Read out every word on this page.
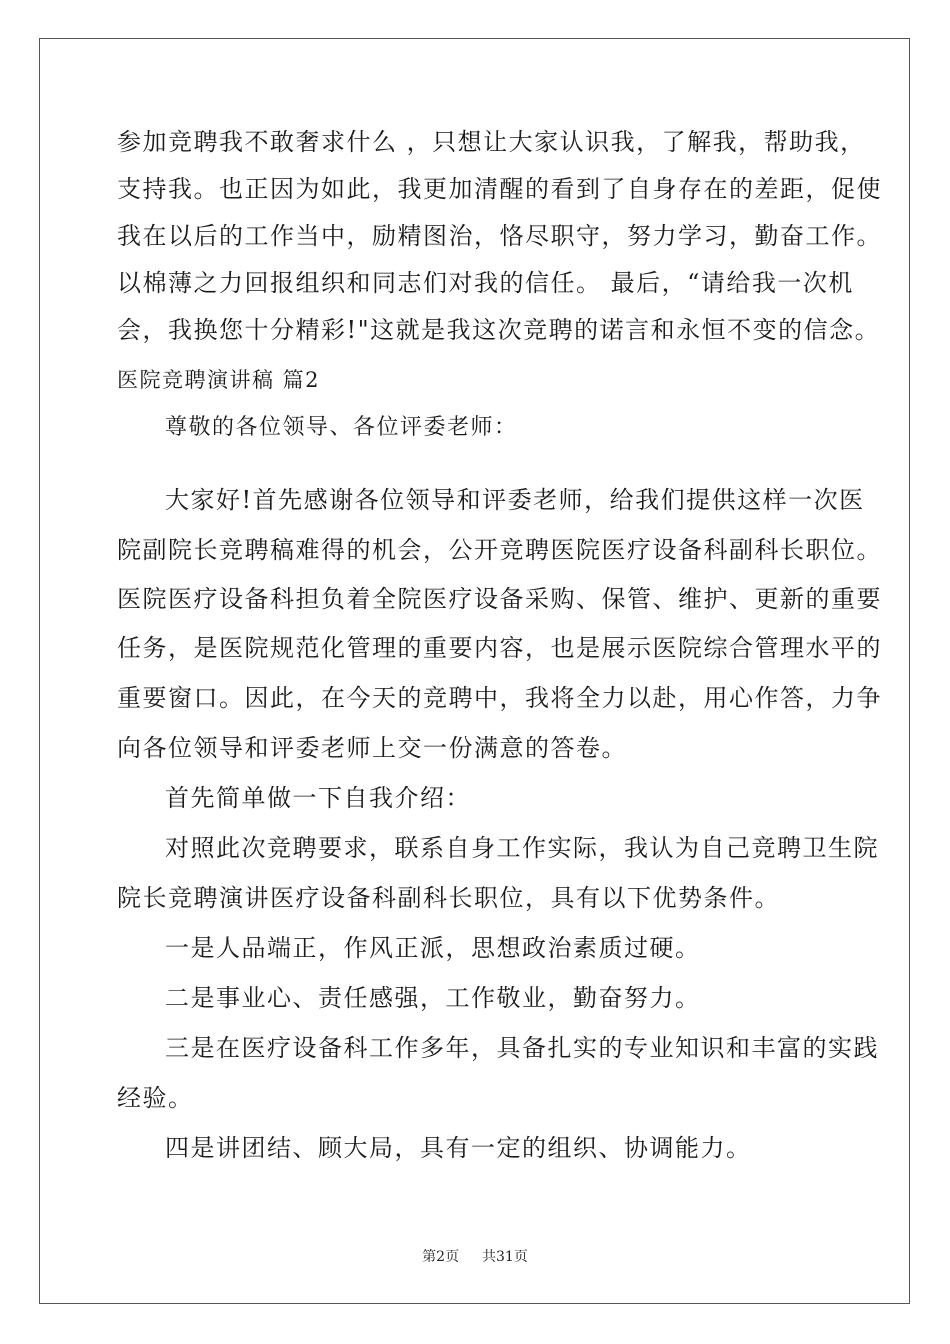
参加竞聘我不敢奢求什么 ，只想让大家认识我，了解我，帮助我，
支持我。也正因为如此，我更加清醒的看到了自身存在的差距，促使
我在以后的工作当中，励精图治，恪尽职守，努力学习，勤奋工作。
以棉薄之力回报组织和同志们对我的信任。 最后，“请给我一次机
会，我换您十分精彩!"这就是我这次竞聘的诺言和永恒不变的信念。
医院竞聘演讲稿 篇2
尊敬的各位领导、各位评委老师：
大家好!首先感谢各位领导和评委老师，给我们提供这样一次医
院副院长竞聘稿难得的机会，公开竞聘医院医疗设备科副科长职位。
医院医疗设备科担负着全院医疗设备采购、保管、维护、更新的重要
任务，是医院规范化管理的重要内容，也是展示医院综合管理水平的
重要窗口。因此，在今天的竞聘中，我将全力以赴，用心作答，力争
向各位领导和评委老师上交一份满意的答卷。
首先简单做一下自我介绍：
对照此次竞聘要求，联系自身工作实际，我认为自己竞聘卫生院
院长竞聘演讲医疗设备科副科长职位，具有以下优势条件。
一是人品端正，作风正派，思想政治素质过硬。
二是事业心、责任感强，工作敬业，勤奋努力。
三是在医疗设备科工作多年，具备扎实的专业知识和丰富的实践
经验。
四是讲团结、顾大局，具有一定的组织、协调能力。
第2页 共31页
